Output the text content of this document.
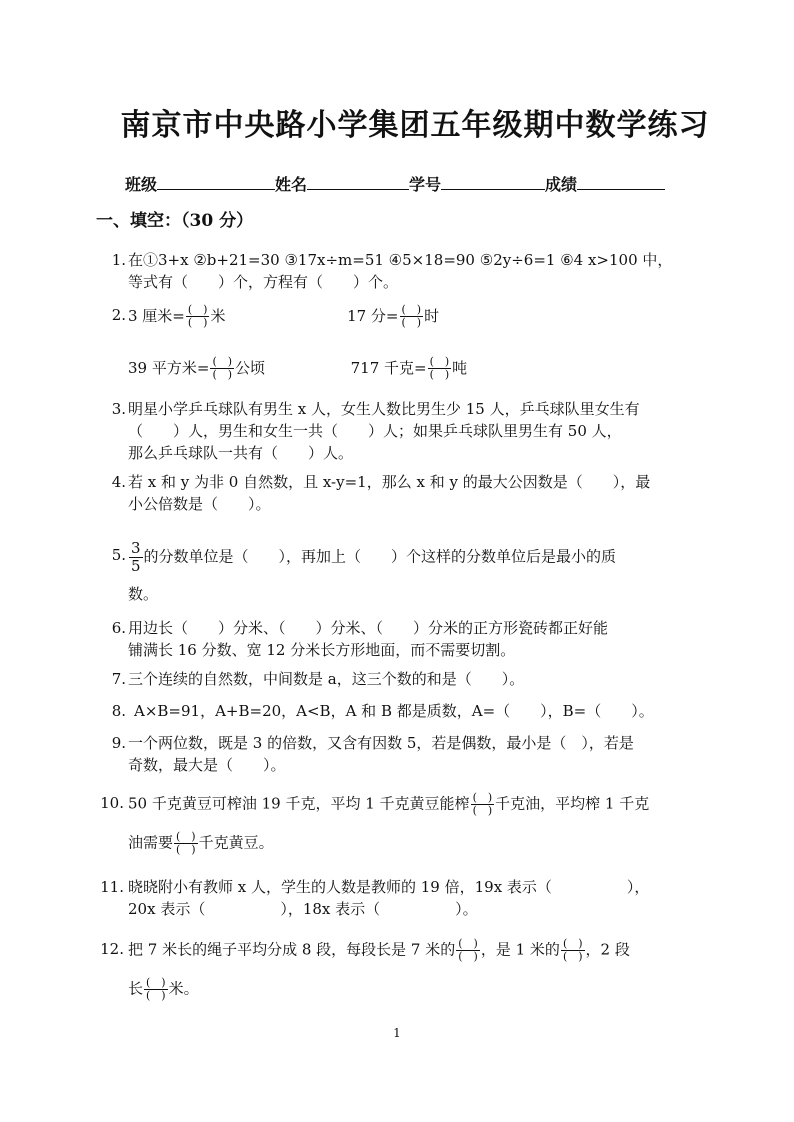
南京市中央路小学集团五年级期中数学练习
班级	姓名	学号	成绩
一、填空：（30 分）
1. 在①3+x ②b+21=30 ③17x÷m=51 ④5×18=90 ⑤2y÷6=1 ⑥4 x>100 中，

等式有（　　）个，方程有（　　）个。

2. 3 厘米= $\frac{( )}{( )}$ 米	17 分= $\frac{( )}{( )}$ 时

39 平方米= $\frac{( )}{( )}$ 公顷	717 千克= $\frac{( )}{( )}$ 吨

3. 明星小学乒乓球队有男生 x 人，女生人数比男生少 15 人，乒乓球队里女生有

（　　）人，男生和女生一共（　　）人；如果乒乓球队里男生有 50 人，

那么乒乓球队一共有（　　）人。

4. 若 x 和 y 为非 0 自然数，且 x-y=1，那么 x 和 y 的最大公因数是（　　），最

小公倍数是（　　）。

5. $\frac{3}{5}$ 的分数单位是（　　），再加上（　　）个这样的分数单位后是最小的质

数。

6. 用边长（　　）分米、（　　）分米、（　　）分米的正方形瓷砖都正好能

铺满长 16 分数、宽 12 分米长方形地面，而不需要切割。

7. 三个连续的自然数，中间数是 a，这三个数的和是（　　）。

8. A×B=91，A+B=20，A<B，A 和 B 都是质数，A=（　　），B=（　　）。

9. 一个两位数，既是 3 的倍数，又含有因数 5，若是偶数，最小是（　），若是

奇数，最大是（　　）。

10. 50 千克黄豆可榨油 19 千克，平均 1 千克黄豆能榨 $\frac{( )}{( )}$ 千克油，平均榨 1 千克

油需要 $\frac{( )}{( )}$ 千克黄豆。

11. 晓晓附小有教师 x 人，学生的人数是教师的 19 倍，19x 表示（　　　　　），

20x 表示（　　　　　），18x 表示（　　　　　）。

12. 把 7 米长的绳子平均分成 8 段，每段长是 7 米的 $\frac{( )}{( )}$ ，是 1 米的 $\frac{( )}{( )}$ ，2 段

长 $\frac{( )}{( )}$ 米。

1
